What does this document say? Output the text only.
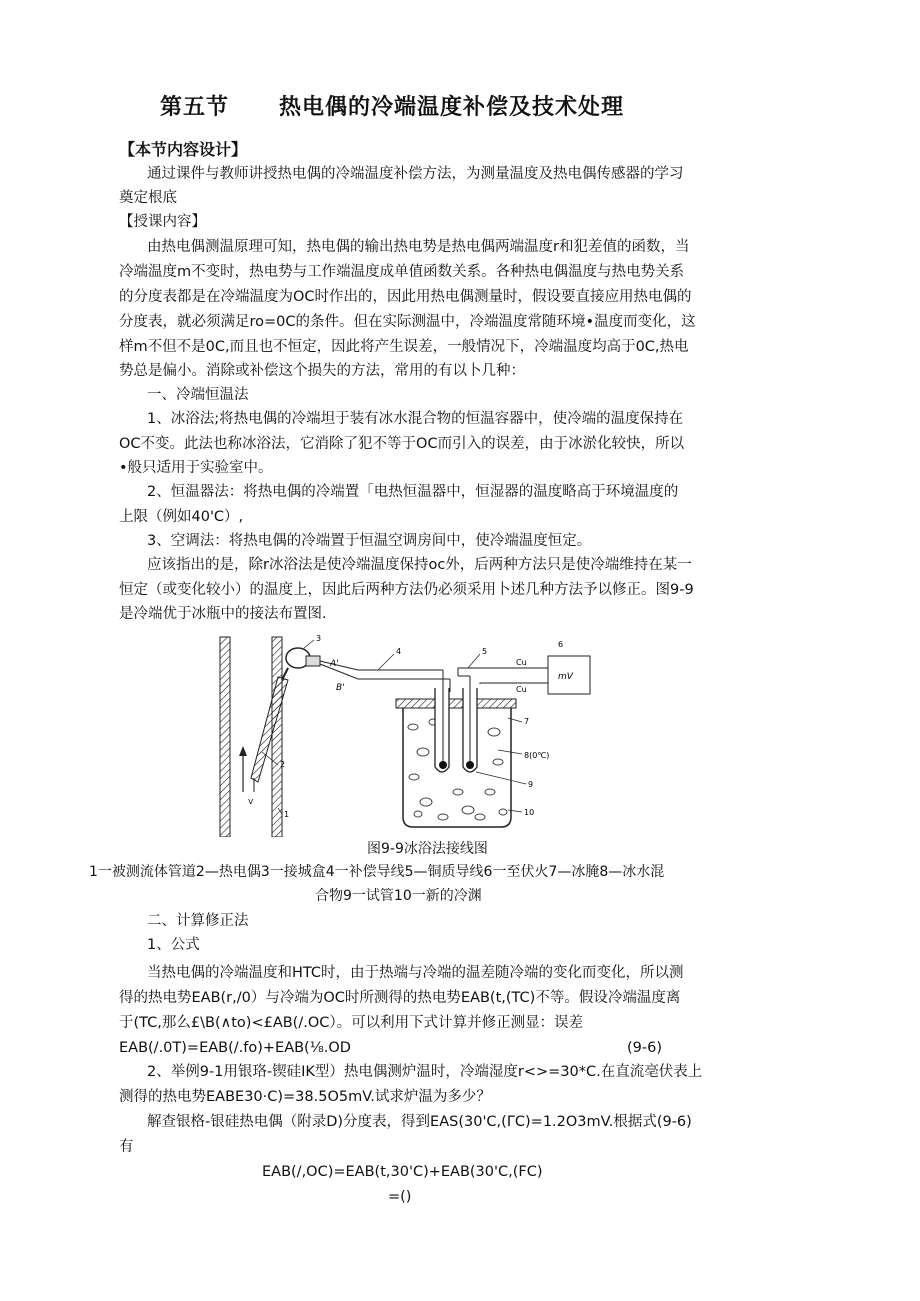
第五节 热电偶的冷端温度补偿及技术处理
【本节内容设计】
通过课件与教师讲授热电偶的冷端温度补偿方法，为测量温度及热电偶传感器的学习
奠定根底
【授课内容】
由热电偶测温原理可知，热电偶的输出热电势是热电偶两端温度r和犯差值的函数，当
冷端温度m不变时，热电势与工作端温度成单值函数关系。各种热电偶温度与热电势关系
的分度表都是在冷端温度为OC时作出的，因此用热电偶测量时，假设要直接应用热电偶的
分度表，就必须满足ro=0C的条件。但在实际测温中，冷端温度常随环境•温度而变化，这
样m不但不是0C,而且也不恒定，因此将产生误差，一般情况下，冷端温度均高于0C,热电
势总是偏小。消除或补偿这个损失的方法，常用的有以卜几种：
一、冷端恒温法
1、冰浴法;将热电偶的冷端坦于装有冰水混合物的恒温容器中，使冷端的温度保持在
OC不变。此法也称冰浴法，它消除了犯不等于OC而引入的误差，由于冰淤化较快，所以
•般只适用于实验室中。
2、恒温器法：将热电偶的冷端置「电热恒温器中，恒湿器的温度略高于环境温度的
上限（例如40'C）,
3、空调法：将热电偶的冷端置于恒温空调房间中，使冷端温度恒定。
应该指出的是，除r冰浴法是使冷端温度保持oc外，后两种方法只是使冷端维持在某一
恒定（或变化较小）的温度上，因此后两种方法仍必须采用卜述几种方法予以修正。图9-9
是冷端优于冰瓶中的接法布置图.
v
A'
B'
Cu
Cu
mV
3
4	5
6
7
8(0℃)
9
10
2
1
图9-9冰浴法接线图
1一被测流体管道2—热电偶3一接城盒4一补偿导线5—铜质导线6一至伏火7—冰腌8—冰水混
合物9一试管10一新的冷渊
二、计算修正法
1、公式
当热电偶的冷端温度和HTC时，由于热端与冷端的温差随冷端的变化而变化，所以测
得的热电势EAB(r,/0）与冷端为OC时所测得的热电势EAB(t,(TC)不等。假设冷端温度离
于(TC,那么£\B(∧to)<£AB(/.OC）。可以利用下式计算并修正测显：误差
EAB(/.0T)=EAB(/.fo)+EAB(⅛.OD	(9-6)
2、举例9-1用银珞-锲硅IK型）热电偶测炉温时，冷端湿度r<>=30*C.在直流亳伏表上
测得的热电势EABE30·C)=38.5O5mV.试求炉温为多少？
解查银格-银硅热电偶（附录D)分度表，得到EAS(30'C,(ΓC)=1.2O3mV.根据式(9-6)
有
EAB(/,OC)=EAB(t,30'C)+EAB(30'C,(FC)
=()
